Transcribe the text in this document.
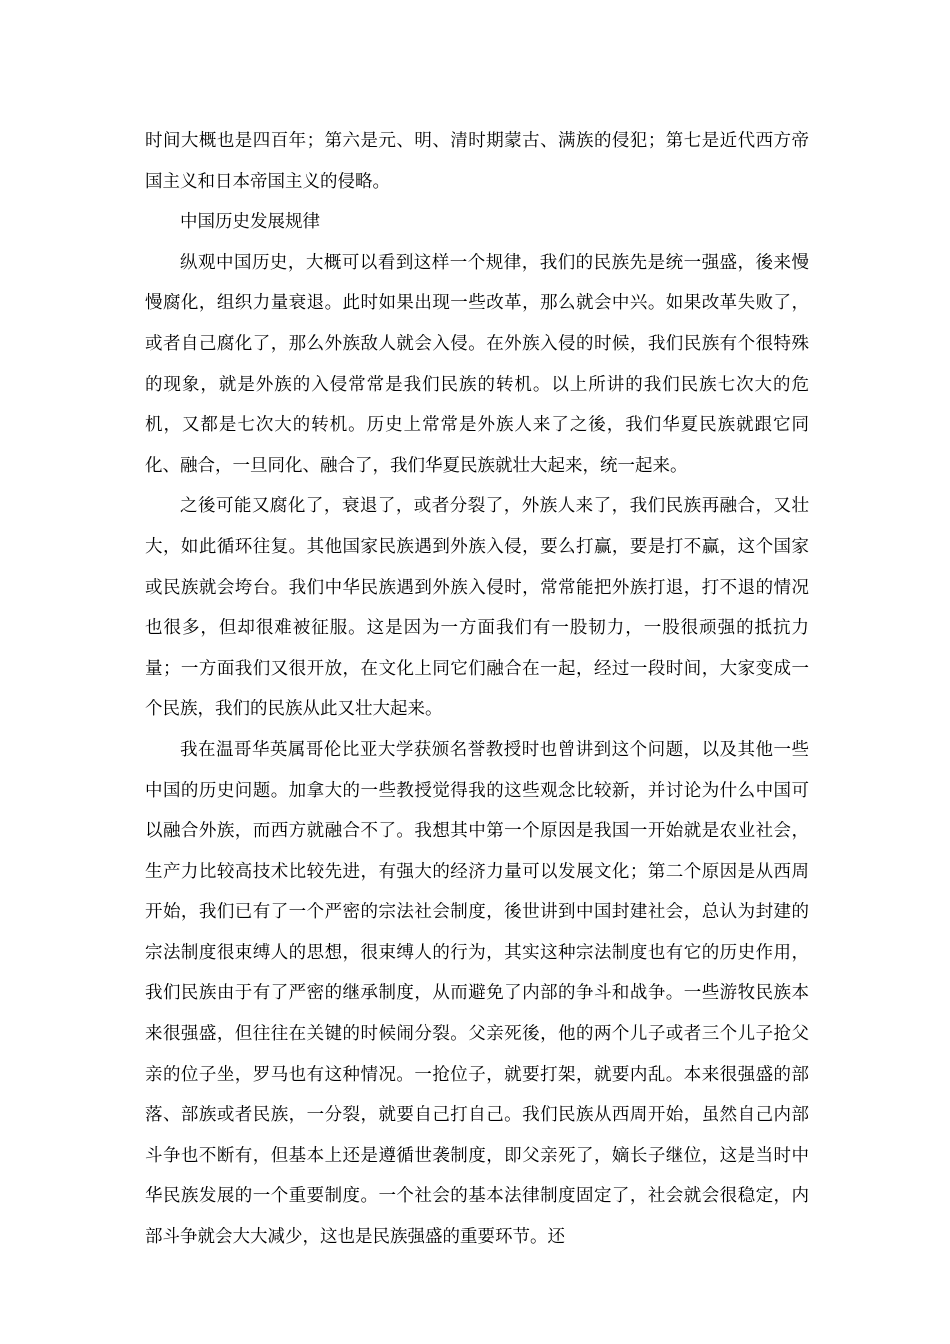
时间大概也是四百年；第六是元、明、清时期蒙古、满族的侵犯；第七是近代西方帝国主义和日本帝国主义的侵略。

中国历史发展规律

纵观中国历史，大概可以看到这样一个规律，我们的民族先是统一强盛，後来慢慢腐化，组织力量衰退。此时如果出现一些改革，那么就会中兴。如果改革失败了，或者自己腐化了，那么外族敌人就会入侵。在外族入侵的时候，我们民族有个很特殊的现象，就是外族的入侵常常是我们民族的转机。以上所讲的我们民族七次大的危机，又都是七次大的转机。历史上常常是外族人来了之後，我们华夏民族就跟它同化、融合，一旦同化、融合了，我们华夏民族就壮大起来，统一起来。

之後可能又腐化了，衰退了，或者分裂了，外族人来了，我们民族再融合，又壮大，如此循环往复。其他国家民族遇到外族入侵，要么打赢，要是打不赢，这个国家或民族就会垮台。我们中华民族遇到外族入侵时，常常能把外族打退，打不退的情况也很多，但却很难被征服。这是因为一方面我们有一股韧力，一股很顽强的抵抗力量；一方面我们又很开放，在文化上同它们融合在一起，经过一段时间，大家变成一个民族，我们的民族从此又壮大起来。

我在温哥华英属哥伦比亚大学获颁名誉教授时也曾讲到这个问题，以及其他一些中国的历史问题。加拿大的一些教授觉得我的这些观念比较新，并讨论为什么中国可以融合外族，而西方就融合不了。我想其中第一个原因是我国一开始就是农业社会，生产力比较高技术比较先进，有强大的经济力量可以发展文化；第二个原因是从西周开始，我们已有了一个严密的宗法社会制度，後世讲到中国封建社会，总认为封建的宗法制度很束缚人的思想，很束缚人的行为，其实这种宗法制度也有它的历史作用，我们民族由于有了严密的继承制度，从而避免了内部的争斗和战争。一些游牧民族本来很强盛，但往往在关键的时候闹分裂。父亲死後，他的两个儿子或者三个儿子抢父亲的位子坐，罗马也有这种情况。一抢位子，就要打架，就要内乱。本来很强盛的部落、部族或者民族，一分裂，就要自己打自己。我们民族从西周开始，虽然自己内部斗争也不断有，但基本上还是遵循世袭制度，即父亲死了，嫡长子继位，这是当时中华民族发展的一个重要制度。一个社会的基本法律制度固定了，社会就会很稳定，内部斗争就会大大减少，这也是民族强盛的重要环节。还
